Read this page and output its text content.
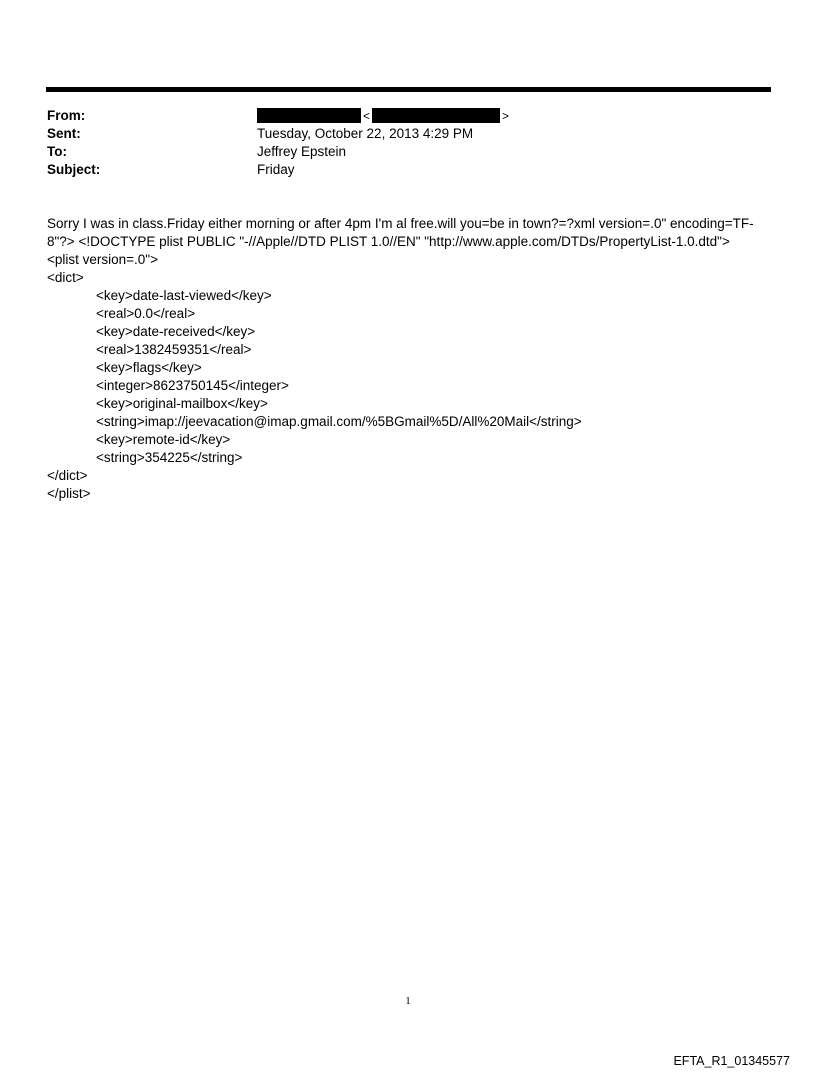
From:	<	>
Sent:	Tuesday, October 22, 2013 4:29 PM
To:	Jeffrey Epstein
Subject:	Friday
Sorry I was in class.Friday either morning or after 4pm I'm al free.will you=be in town?=?xml version=.0" encoding=TF-
8"?> <!DOCTYPE plist PUBLIC "-//Apple//DTD PLIST 1.0//EN" "http://www.apple.com/DTDs/PropertyList-1.0.dtd">
<plist version=.0">
<dict>
<key>date-last-viewed</key>
<real>0.0</real>
<key>date-received</key>
<real>1382459351</real>
<key>flags</key>
<integer>8623750145</integer>
<key>original-mailbox</key>
<string>imap://jeevacation@imap.gmail.com/%5BGmail%5D/All%20Mail</string>
<key>remote-id</key>
<string>354225</string>
</dict>
</plist>
1
EFTA_R1_01345577
